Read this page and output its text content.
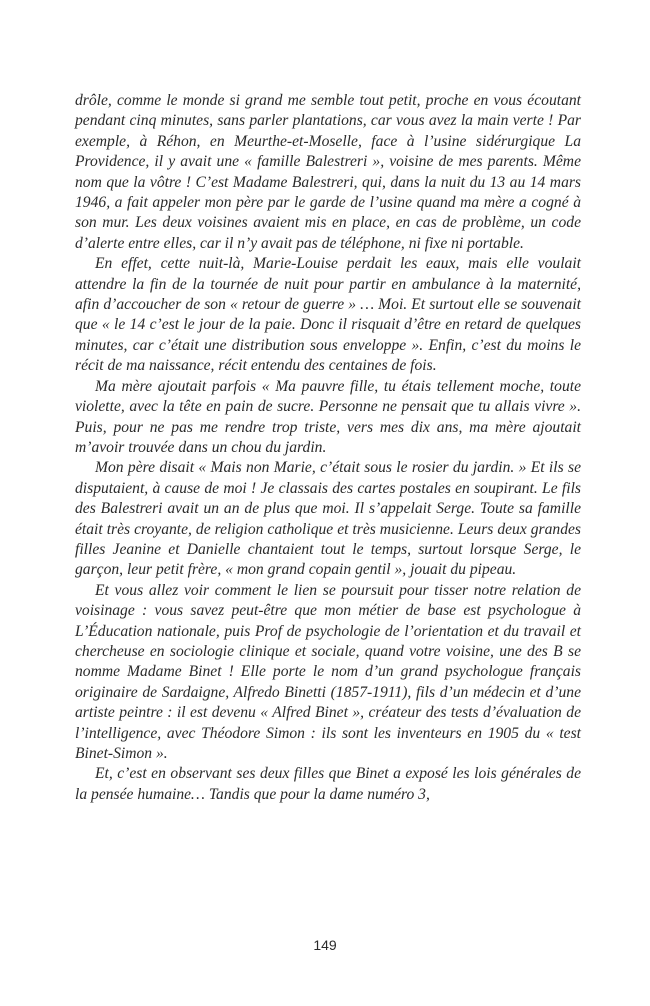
drôle, comme le monde si grand me semble tout petit, proche en vous écoutant pendant cinq minutes, sans parler plantations, car vous avez la main verte ! Par exemple, à Réhon, en Meurthe-et-Moselle, face à l’usine sidérurgique La Providence, il y avait une « famille Balestreri », voisine de mes parents. Même nom que la vôtre ! C’est Madame Balestreri, qui, dans la nuit du 13 au 14 mars 1946, a fait appeler mon père par le garde de l’usine quand ma mère a cogné à son mur. Les deux voisines avaient mis en place, en cas de problème, un code d’alerte entre elles, car il n’y avait pas de téléphone, ni fixe ni portable.

En effet, cette nuit-là, Marie-Louise perdait les eaux, mais elle voulait attendre la fin de la tournée de nuit pour partir en ambulance à la maternité, afin d’accoucher de son « retour de guerre » … Moi. Et surtout elle se souvenait que « le 14 c’est le jour de la paie. Donc il risquait d’être en retard de quelques minutes, car c’était une distribution sous enveloppe ». Enfin, c’est du moins le récit de ma naissance, récit entendu des centaines de fois.

Ma mère ajoutait parfois « Ma pauvre fille, tu étais tellement moche, toute violette, avec la tête en pain de sucre. Personne ne pensait que tu allais vivre ». Puis, pour ne pas me rendre trop triste, vers mes dix ans, ma mère ajoutait m’avoir trouvée dans un chou du jardin.

Mon père disait « Mais non Marie, c’était sous le rosier du jardin. » Et ils se disputaient, à cause de moi ! Je classais des cartes postales en soupirant. Le fils des Balestreri avait un an de plus que moi. Il s’appelait Serge. Toute sa famille était très croyante, de religion catholique et très musicienne. Leurs deux grandes filles Jeanine et Danielle chantaient tout le temps, surtout lorsque Serge, le garçon, leur petit frère, « mon grand copain gentil », jouait du pipeau.

Et vous allez voir comment le lien se poursuit pour tisser notre relation de voisinage : vous savez peut-être que mon métier de base est psychologue à L’Éducation nationale, puis Prof de psychologie de l’orientation et du travail et chercheuse en sociologie clinique et sociale, quand votre voisine, une des B se nomme Madame Binet ! Elle porte le nom d’un grand psychologue français originaire de Sardaigne, Alfredo Binetti (1857-1911), fils d’un médecin et d’une artiste peintre : il est devenu « Alfred Binet », créateur des tests d’évaluation de l’intelligence, avec Théodore Simon : ils sont les inventeurs en 1905 du « test Binet-Simon ».

Et, c’est en observant ses deux filles que Binet a exposé les lois générales de la pensée humaine… Tandis que pour la dame numéro 3,

149
